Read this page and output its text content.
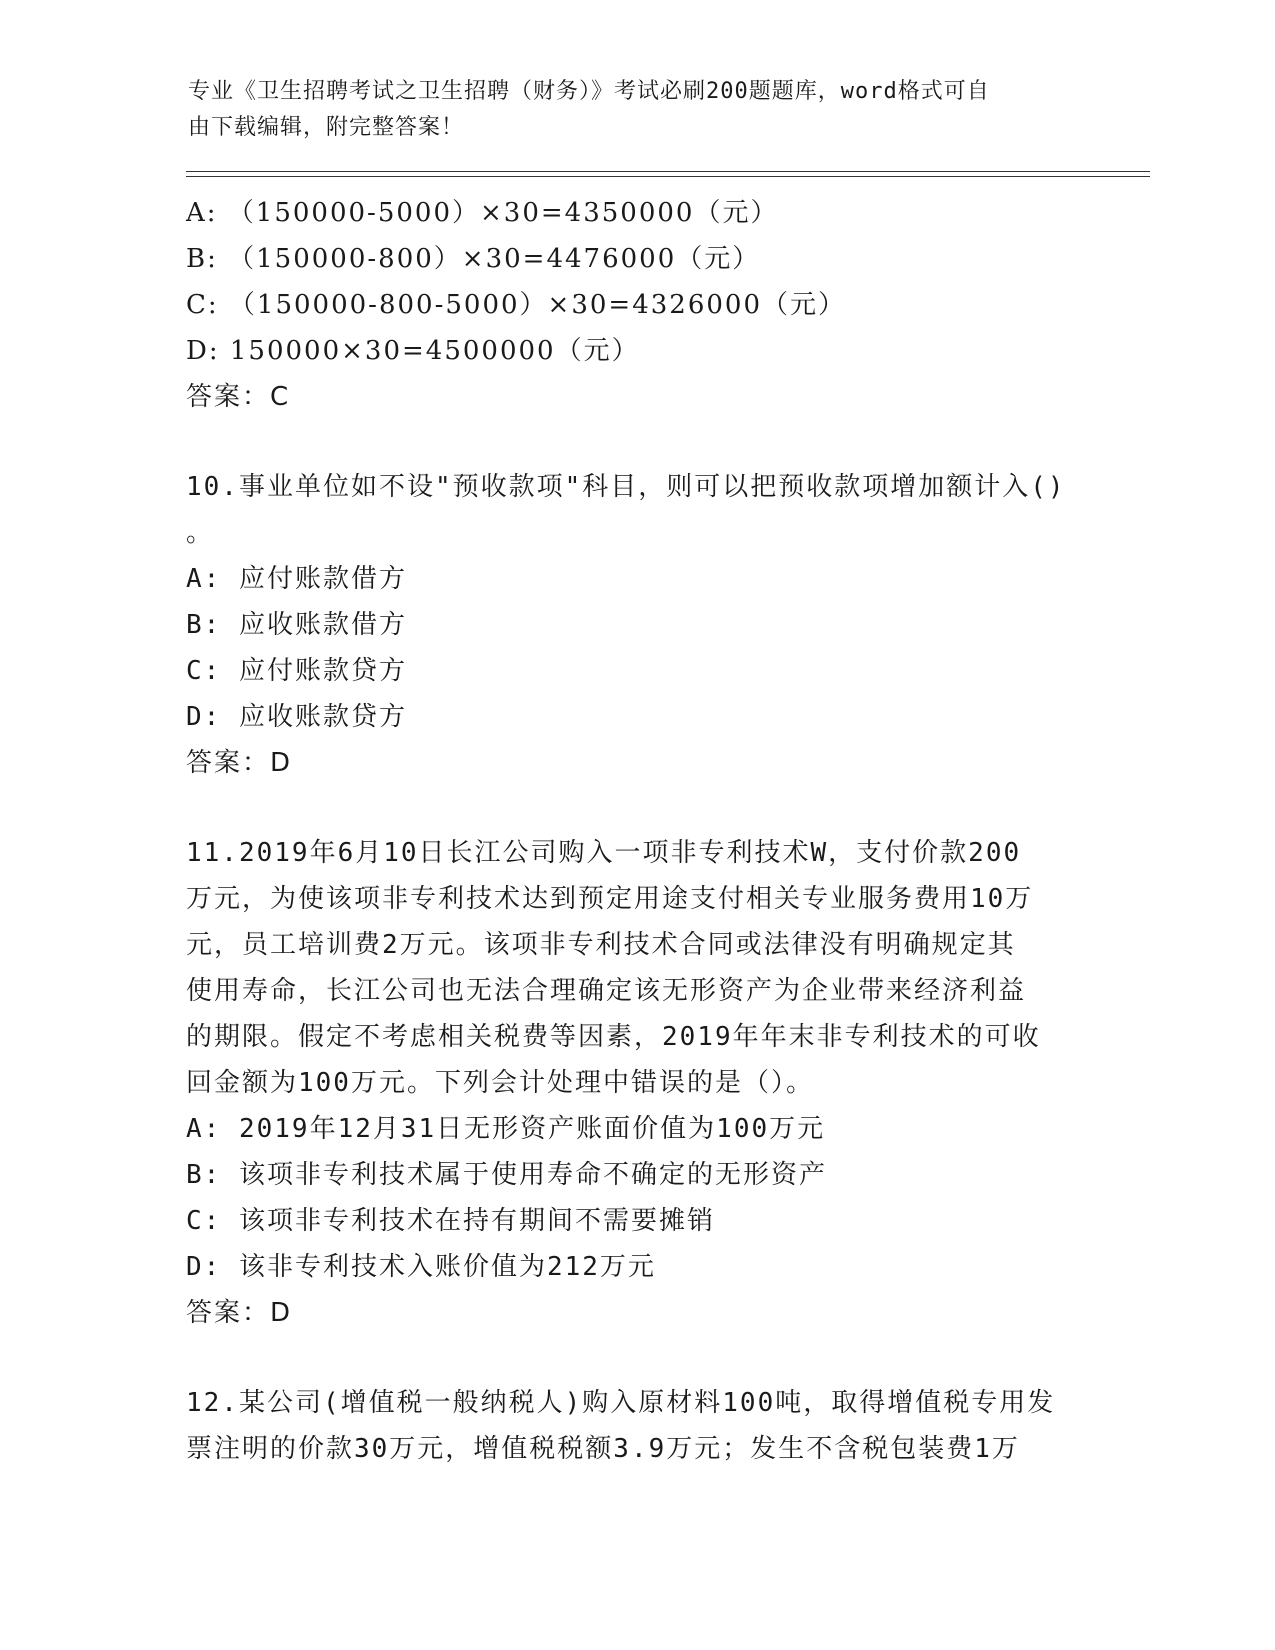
专业《卫生招聘考试之卫生招聘（财务）》考试必刷200题题库，word格式可自
由下载编辑，附完整答案！
A: （150000-5000）×30=4350000（元）
B: （150000-800）×30=4476000（元）
C: （150000-800-5000）×30=4326000（元）
D: 150000×30=4500000（元）
答案：C
10.事业单位如不设"预收款项"科目，则可以把预收款项增加额计入()
。
A: 应付账款借方
B: 应收账款借方
C: 应付账款贷方
D: 应收账款贷方
答案：D
11.2019年6月10日长江公司购入一项非专利技术W，支付价款200
万元，为使该项非专利技术达到预定用途支付相关专业服务费用10万
元，员工培训费2万元。该项非专利技术合同或法律没有明确规定其
使用寿命，长江公司也无法合理确定该无形资产为企业带来经济利益
的期限。假定不考虑相关税费等因素，2019年年末非专利技术的可收
回金额为100万元。下列会计处理中错误的是（）。
A: 2019年12月31日无形资产账面价值为100万元
B: 该项非专利技术属于使用寿命不确定的无形资产
C: 该项非专利技术在持有期间不需要摊销
D: 该非专利技术入账价值为212万元
答案：D
12.某公司(增值税一般纳税人)购入原材料100吨，取得增值税专用发
票注明的价款30万元，增值税税额3.9万元；发生不含税包装费1万
